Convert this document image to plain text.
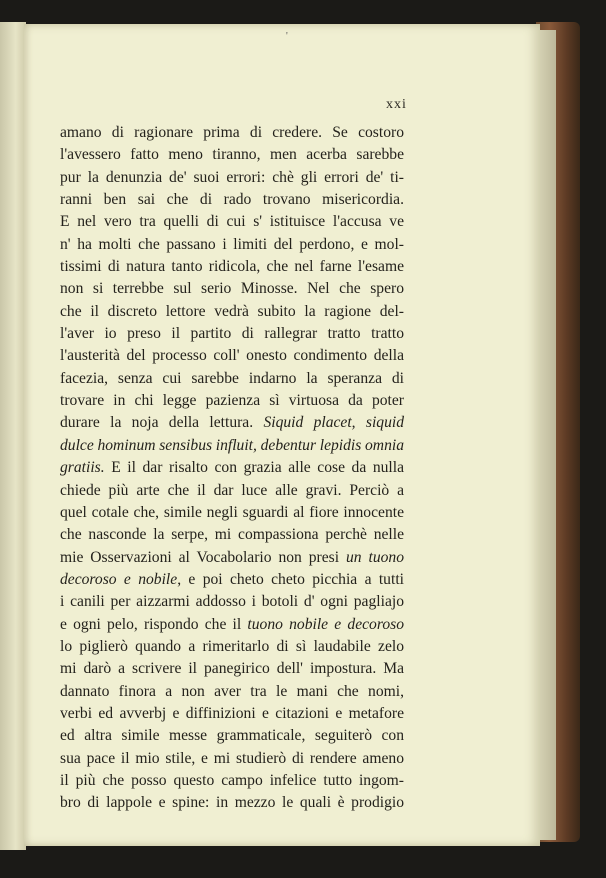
'
xxi
amano di ragionare prima di credere. Se costoro
l'avessero fatto meno tiranno, men acerba sarebbe
pur la denunzia de' suoi errori: chè gli errori de' ti-
ranni ben sai che di rado trovano misericordia.
E nel vero tra quelli di cui s' istituisce l'accusa ve
n' ha molti che passano i limiti del perdono, e mol-
tissimi di natura tanto ridicola, che nel farne l'esame
non si terrebbe sul serio Minosse. Nel che spero
che il discreto lettore vedrà subito la ragione del-
l'aver io preso il partito di rallegrar tratto tratto
l'austerità del processo coll' onesto condimento della
facezia, senza cui sarebbe indarno la speranza di
trovare in chi legge pazienza sì virtuosa da poter
durare la noja della lettura. Siquid placet, siquid
dulce hominum sensibus influit, debentur lepidis omnia
gratiis. E il dar risalto con grazia alle cose da nulla
chiede più arte che il dar luce alle gravi. Perciò a
quel cotale che, simile negli sguardi al fiore innocente
che nasconde la serpe, mi compassiona perchè nelle
mie Osservazioni al Vocabolario non presi un tuono
decoroso e nobile, e poi cheto cheto picchia a tutti
i canili per aizzarmi addosso i botoli d' ogni pagliajo
e ogni pelo, rispondo che il tuono nobile e decoroso
lo piglierò quando a rimeritarlo di sì laudabile zelo
mi darò a scrivere il panegirico dell' impostura. Ma
dannato finora a non aver tra le mani che nomi,
verbi ed avverbj e diffinizioni e citazioni e metafore
ed altra simile messe grammaticale, seguiterò con
sua pace il mio stile, e mi studierò di rendere ameno
il più che posso questo campo infelice tutto ingom-
bro di lappole e spine: in mezzo le quali è prodigio
